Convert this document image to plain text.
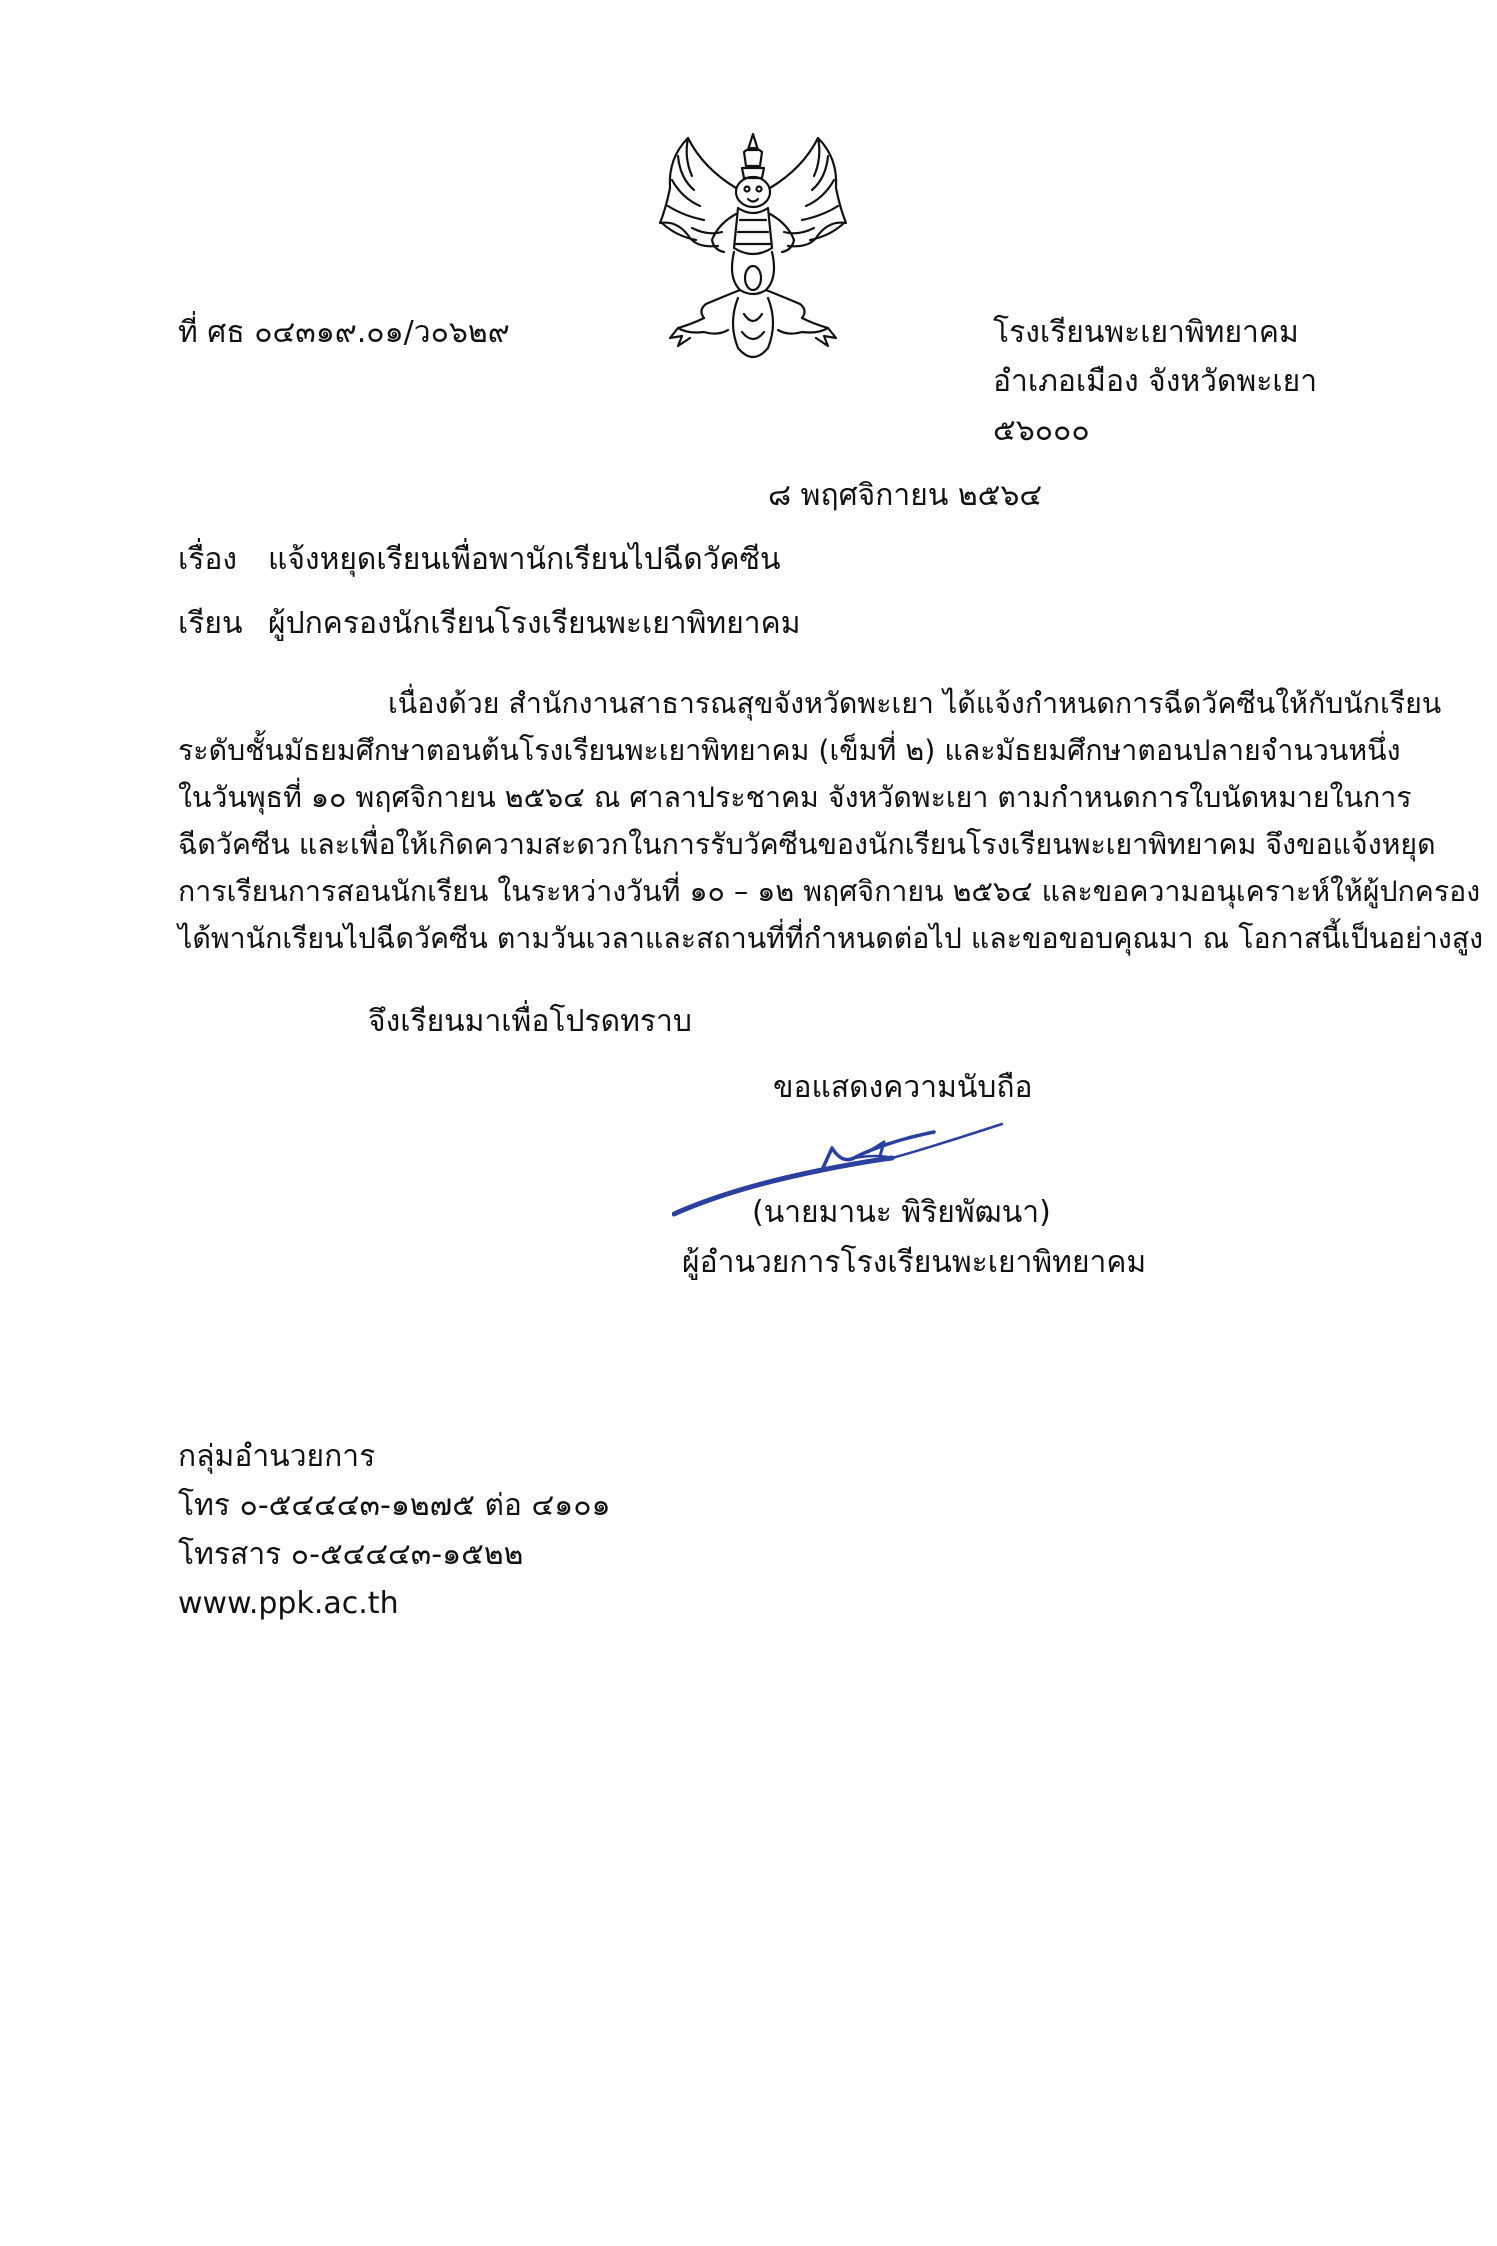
ที่ ศธ ๐๔๓๑๙.๐๑/ว๐๖๒๙	โรงเรียนพะเยาพิทยาคม
อำเภอเมือง จังหวัดพะเยา
๕๖๐๐๐
๘ พฤศจิกายน ๒๕๖๔
เรื่อง แจ้งหยุดเรียนเพื่อพานักเรียนไปฉีดวัคซีน
เรียน ผู้ปกครองนักเรียนโรงเรียนพะเยาพิทยาคม
เนื่องด้วย สำนักงานสาธารณสุขจังหวัดพะเยา ได้แจ้งกำหนดการฉีดวัคซีนให้กับนักเรียน
ระดับชั้นมัธยมศึกษาตอนต้นโรงเรียนพะเยาพิทยาคม (เข็มที่ ๒) และมัธยมศึกษาตอนปลายจำนวนหนึ่ง
ในวันพุธที่ ๑๐ พฤศจิกายน ๒๕๖๔ ณ ศาลาประชาคม จังหวัดพะเยา ตามกำหนดการใบนัดหมายในการ
ฉีดวัคซีน และเพื่อให้เกิดความสะดวกในการรับวัคซีนของนักเรียนโรงเรียนพะเยาพิทยาคม จึงขอแจ้งหยุด
การเรียนการสอนนักเรียน ในระหว่างวันที่ ๑๐ – ๑๒ พฤศจิกายน ๒๕๖๔ และขอความอนุเคราะห์ให้ผู้ปกครอง
ได้พานักเรียนไปฉีดวัคซีน ตามวันเวลาและสถานที่ที่กำหนดต่อไป และขอขอบคุณมา ณ โอกาสนี้เป็นอย่างสูง
จึงเรียนมาเพื่อโปรดทราบ
ขอแสดงความนับถือ
(นายมานะ พิริยพัฒนา)
ผู้อำนวยการโรงเรียนพะเยาพิทยาคม
กลุ่มอำนวยการ
โทร ๐-๕๔๔๔๓-๑๒๗๕ ต่อ ๔๑๐๑
โทรสาร ๐-๕๔๔๔๓-๑๕๒๒
www.ppk.ac.th
